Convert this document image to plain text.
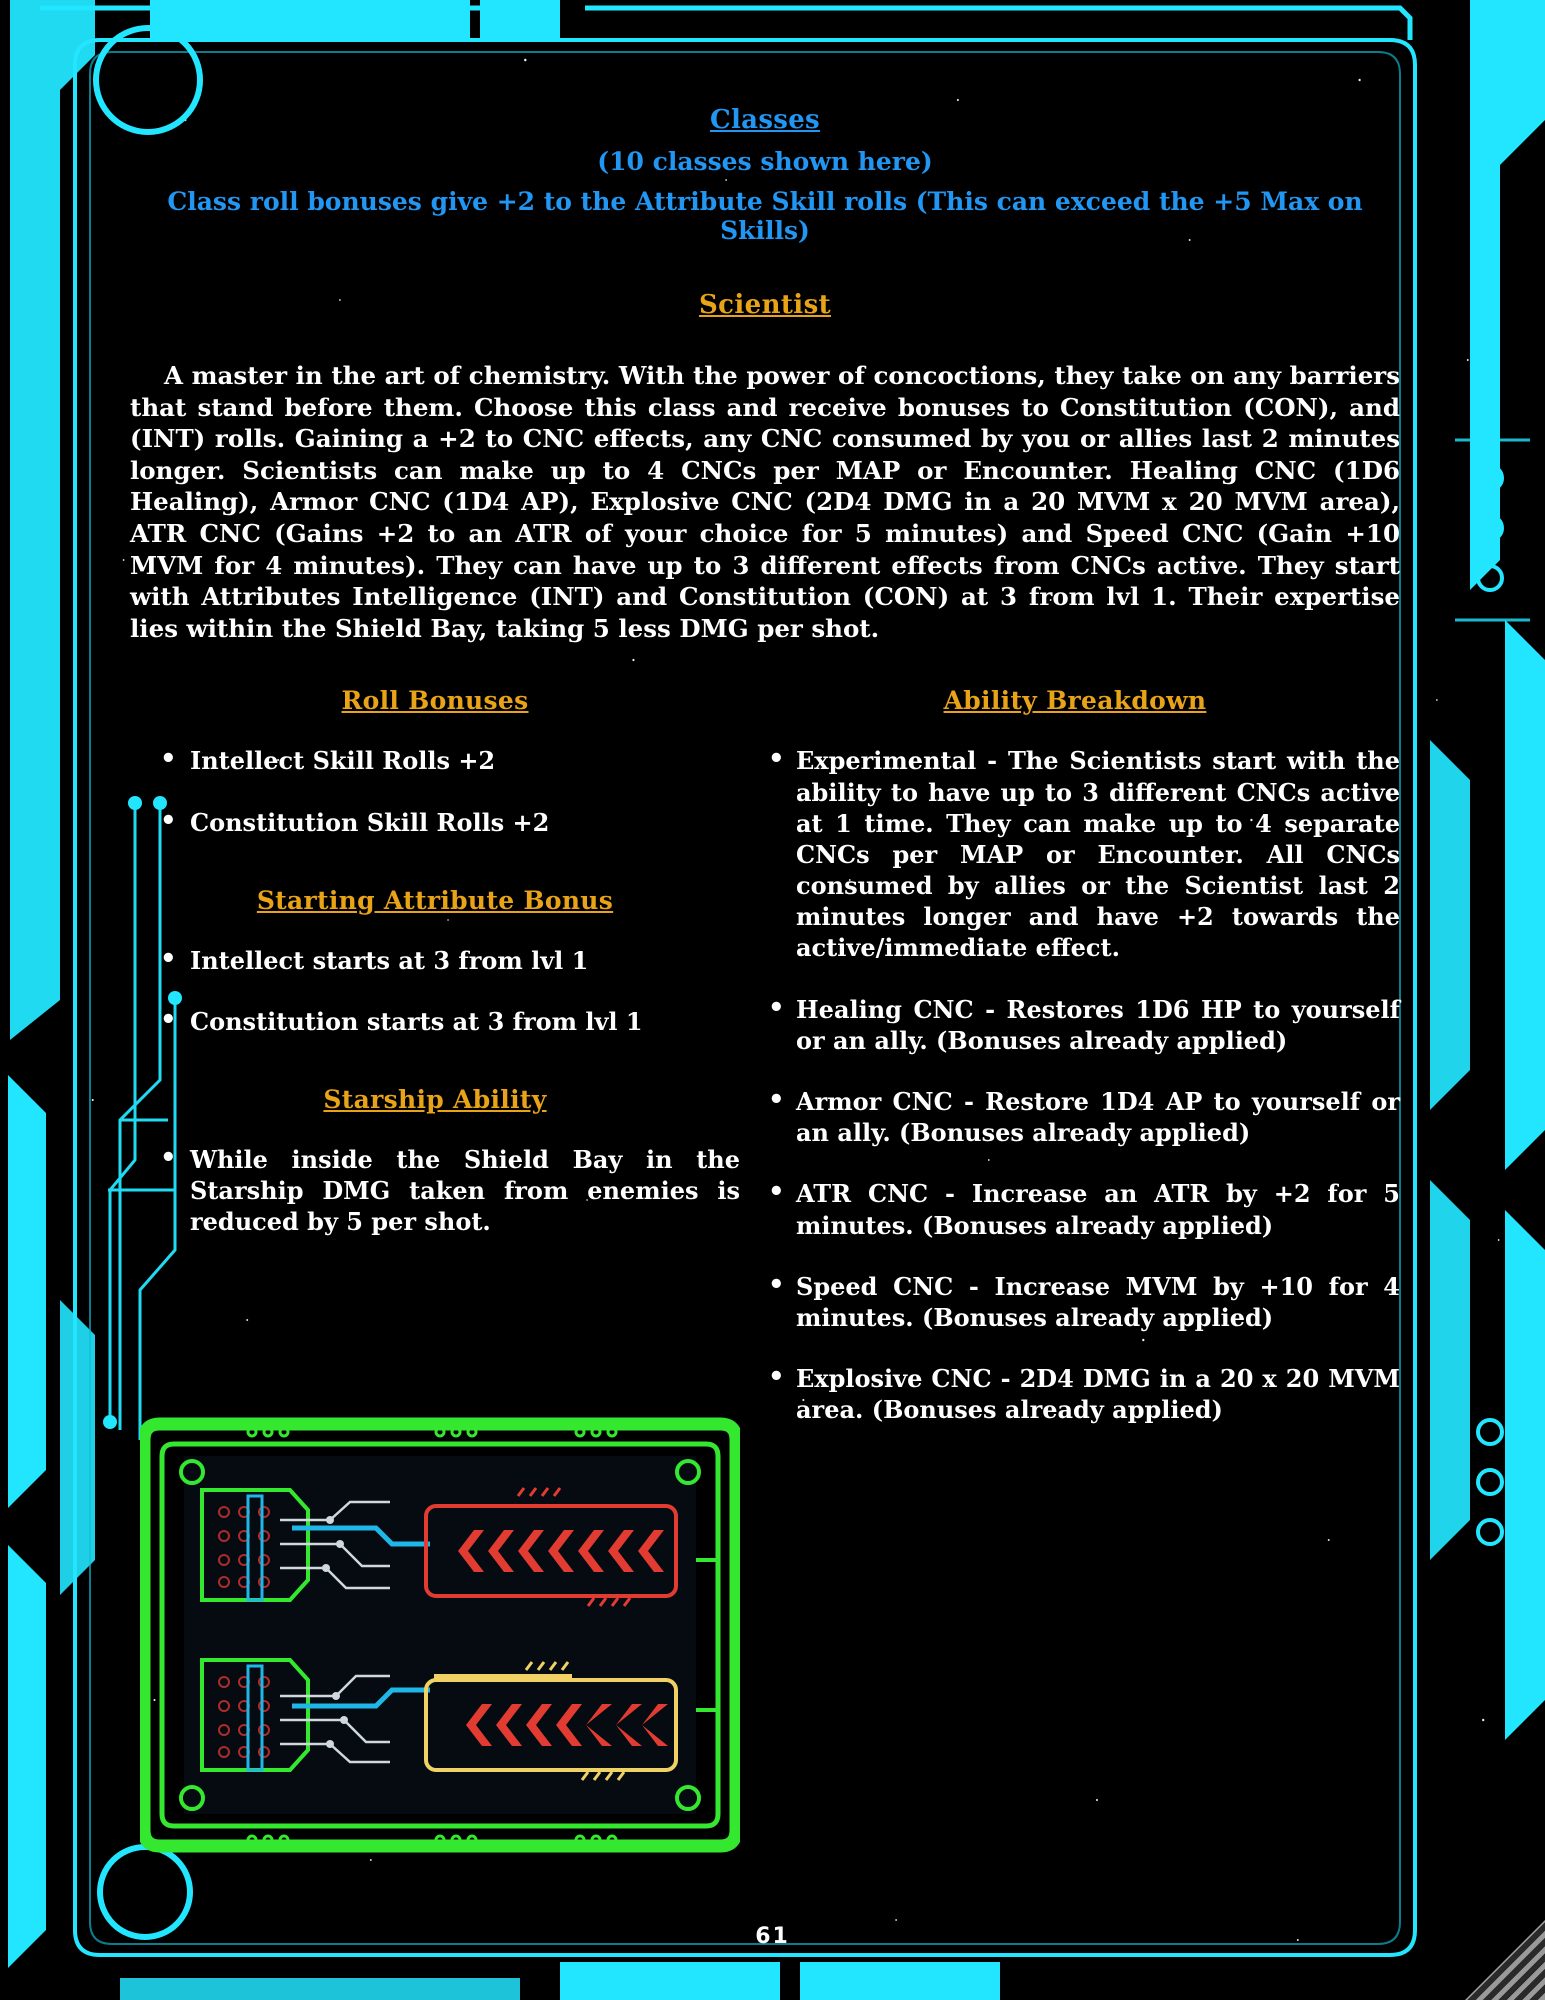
Classes
(10 classes shown here)
Class roll bonuses give +2 to the Attribute Skill rolls (This can exceed the +5 Max on Skills)
Scientist

A master in the art of chemistry. With the power of concoctions, they take on any barriers that stand before them. Choose this class and receive bonuses to Constitution (CON), and (INT) rolls. Gaining a +2 to CNC effects, any CNC consumed by you or allies last 2 minutes longer. Scientists can make up to 4 CNCs per MAP or Encounter. Healing CNC (1D6 Healing), Armor CNC (1D4 AP), Explosive CNC (2D4 DMG in a 20 MVM x 20 MVM area), ATR CNC (Gains +2 to an ATR of your choice for 5 minutes) and Speed CNC (Gain +10 MVM for 4 minutes). They can have up to 3 different effects from CNCs active. They start with Attributes Intelligence (INT) and Constitution (CON) at 3 from lvl 1. Their expertise lies within the Shield Bay, taking 5 less DMG per shot.

Roll Bonuses
• Intellect Skill Rolls +2
• Constitution Skill Rolls +2
Starting Attribute Bonus
• Intellect starts at 3 from lvl 1
• Constitution starts at 3 from lvl 1
Starship Ability
• While inside the Shield Bay in the Starship DMG taken from enemies is reduced by 5 per shot.
Ability Breakdown
• Experimental - The Scientists start with the ability to have up to 3 different CNCs active at 1 time. They can make up to 4 separate CNCs per MAP or Encounter. All CNCs consumed by allies or the Scientist last 2 minutes longer and have +2 towards the active/immediate effect.
• Healing CNC - Restores 1D6 HP to yourself or an ally. (Bonuses already applied)
• Armor CNC - Restore 1D4 AP to yourself or an ally. (Bonuses already applied)
• ATR CNC - Increase an ATR by +2 for 5 minutes. (Bonuses already applied)
• Speed CNC - Increase MVM by +10 for 4 minutes. (Bonuses already applied)
• Explosive CNC - 2D4 DMG in a 20 x 20 MVM area. (Bonuses already applied)
61
